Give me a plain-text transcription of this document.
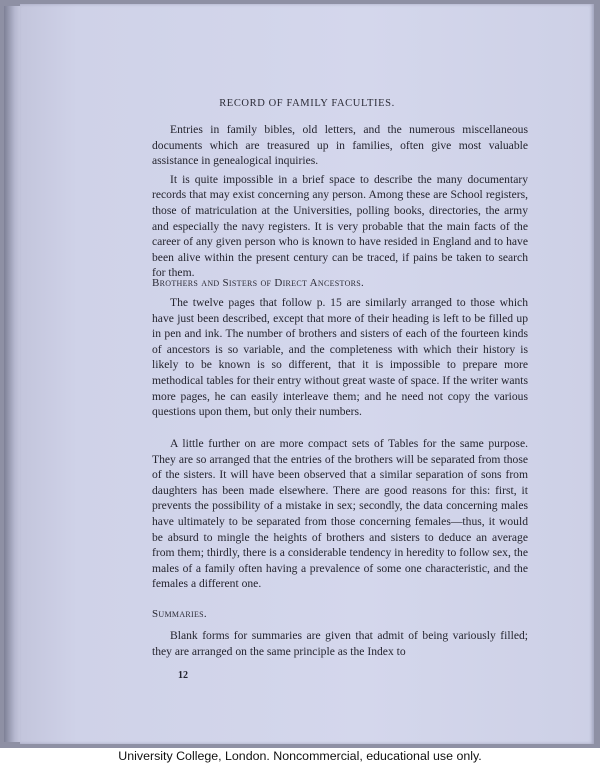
RECORD OF FAMILY FACULTIES.

Entries in family bibles, old letters, and the numerous miscellaneous documents which are treasured up in families, often give most valuable assistance in genealogical inquiries.

It is quite impossible in a brief space to describe the many documentary records that may exist concerning any person. Among these are School registers, those of matriculation at the Universities, polling books, directories, the army and especially the navy registers. It is very probable that the main facts of the career of any given person who is known to have resided in England and to have been alive within the present century can be traced, if pains be taken to search for them.

Brothers and Sisters of Direct Ancestors.

The twelve pages that follow p. 15 are similarly arranged to those which have just been described, except that more of their heading is left to be filled up in pen and ink. The number of brothers and sisters of each of the fourteen kinds of ancestors is so variable, and the completeness with which their history is likely to be known is so different, that it is impossible to prepare more methodical tables for their entry without great waste of space. If the writer wants more pages, he can easily interleave them; and he need not copy the various questions upon them, but only their numbers.

A little further on are more compact sets of Tables for the same purpose. They are so arranged that the entries of the brothers will be separated from those of the sisters. It will have been observed that a similar separation of sons from daughters has been made elsewhere. There are good reasons for this: first, it prevents the possibility of a mistake in sex; secondly, the data concerning males have ultimately to be separated from those concerning females—thus, it would be absurd to mingle the heights of brothers and sisters to deduce an average from them; thirdly, there is a considerable tendency in heredity to follow sex, the males of a family often having a prevalence of some one characteristic, and the females a different one.

Summaries.

Blank forms for summaries are given that admit of being variously filled; they are arranged on the same principle as the Index to

12
University College, London. Noncommercial, educational use only.
